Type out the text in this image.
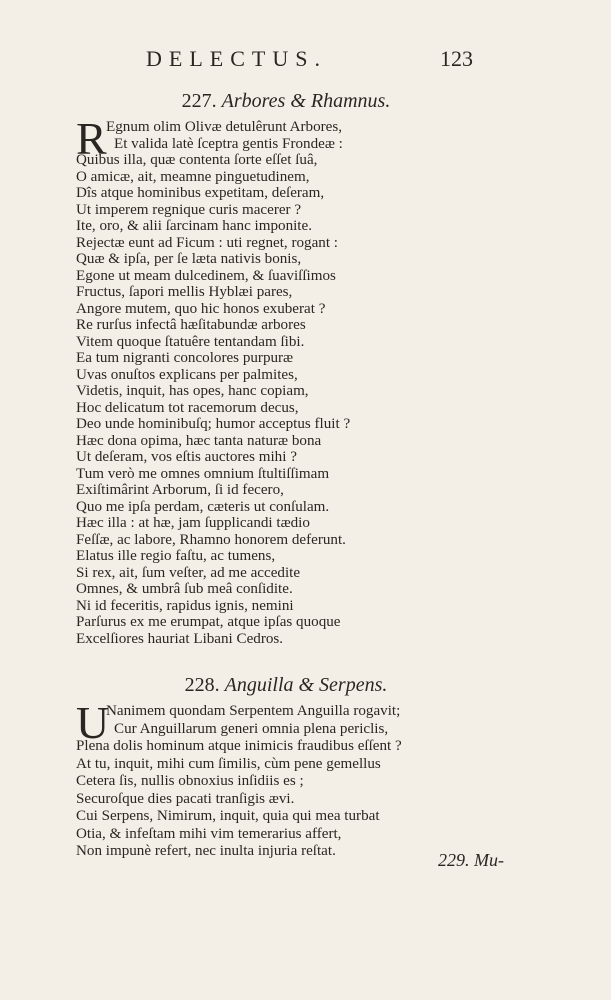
DELECTUS.	123
227. Arbores & Rhamnus.
R Egnum olim Olivæ detulêrunt Arbores,
Et valida latè ſceptra gentis Frondeæ :
Quibus illa, quæ contenta ſorte eſſet ſuâ,
O amicæ, ait, meamne pinguetudinem,
Dîs atque hominibus expetitam, deſeram,
Ut imperem regnique curis macerer ?
Ite, oro, & alii ſarcinam hanc imponite.
Rejectæ eunt ad Ficum : uti regnet, rogant :
Quæ & ipſa, per ſe læta nativis bonis,
Egone ut meam dulcedinem, & ſuaviſſimos
Fructus, ſapori mellis Hyblæi pares,
Angore mutem, quo hic honos exuberat ?
Re rurſus infectâ hæſitabundæ arbores
Vitem quoque ſtatuêre tentandam ſibi.
Ea tum nigranti concolores purpuræ
Uvas onuſtos explicans per palmites,
Videtis, inquit, has opes, hanc copiam,
Hoc delicatum tot racemorum decus,
Deo unde hominibuſq; humor acceptus fluit ?
Hæc dona opima, hæc tanta naturæ bona
Ut deſeram, vos eſtis auctores mihi ?
Tum verò me omnes omnium ſtultiſſimam
Exiſtimârint Arborum, ſi id fecero,
Quo me ipſa perdam, cæteris ut conſulam.
Hæc illa : at hæ, jam ſupplicandi tædio
Feſſæ, ac labore, Rhamno honorem deferunt.
Elatus ille regio faſtu, ac tumens,
Si rex, ait, ſum veſter, ad me accedite
Omnes, & umbrâ ſub meâ conſidite.
Ni id feceritis, rapidus ignis, nemini
Parſurus ex me erumpat, atque ipſas quoque
Excelſiores hauriat Libani Cedros.
228. Anguilla & Serpens.
U
Nanimem quondam Serpentem Anguilla rogavit;
Cur Anguillarum generi omnia plena periclis,
Plena dolis hominum atque inimicis fraudibus eſſent ?
At tu, inquit, mihi cum ſimilis, cùm pene gemellus
Cetera ſis, nullis obnoxius inſidiis es ;
Securoſque dies pacati tranſigis ævi.
Cui Serpens, Nimirum, inquit, quia qui mea turbat
Otia, & infeſtam mihi vim temerarius affert,
Non impunè refert, nec inulta injuria reſtat.	229. Mu-
